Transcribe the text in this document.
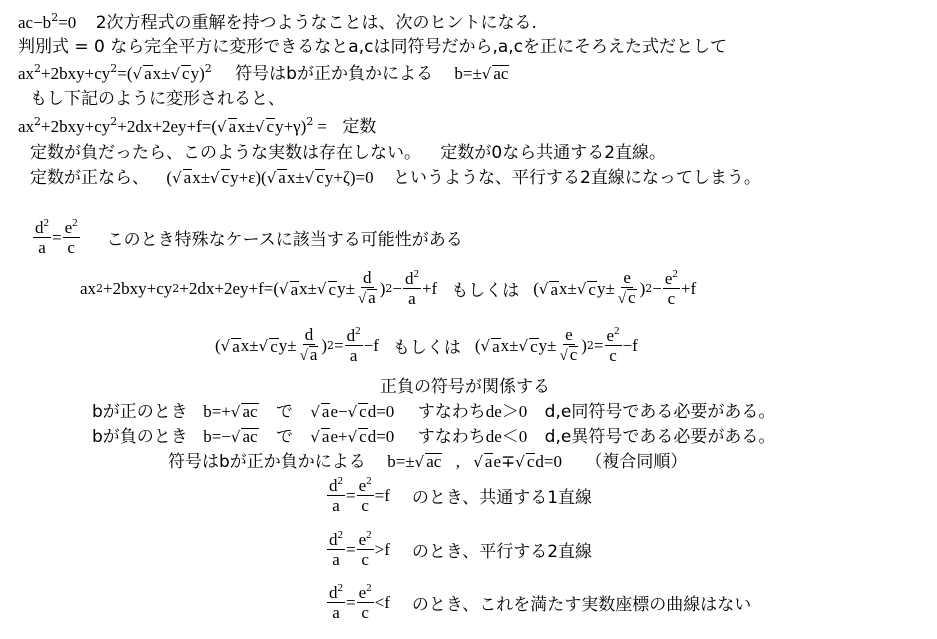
$ac-b^2=0$ 2次方程式の重解を持つようなことは、次のヒントになる.
判別式 = 0 なら完全平方に変形できるなとa,cは同符号だから,a,cを正にそろえた式だとして
$ax^2+2bxy+cy^2=(√$ ax±√ cy)$^2$ 符号はbが正か負かによる b=±√ ac
もし下記のように変形されると、
$ax^2+2bxy+cy^2+2dx+2ey+f=(√$ ax±√ cy+γ)$^2$ = 定数
定数が負だったら、このような実数は存在しない。 定数が0なら共通する2直線。
定数が正なら、 (√ ax±√ cy+ε)(√ ax±√ cy+ζ)=0 というような、平行する2直線になってしまう。
$\frac{d^2}{a} = \frac{e^2}{c}$ このとき特殊なケースに該当する可能性がある
ax 2 +2bxy+cy 2 +2dx+2ey+f=( √ a x± √ c $y\pm \frac{d}{√ a}$ ) $2 - \frac{d^2}{a} +f$ もしくは ( √ a x± √ c $y\pm \frac{e}{√ c}$ ) $2 - \frac{e^2}{c} +f$
( √ a x± √ c $y\pm \frac{d}{√ a}$ ) $2 = \frac{d^2}{a} -f$ もしくは ( √ a x± √ c $y\pm \frac{e}{√ c}$ ) $2 = \frac{e^2}{c} -f$
正負の符号が関係する
bが正のとき b=+√ ac で √ ae−√ cd=0 すなわちde＞0 d,e同符号である必要がある。
bが負のとき b=−√ ac で √ ae+√ cd=0 すなわちde＜0 d,e異符号である必要がある。
符号はbが正か負かによる b=±√ ac , √ ae∓√ cd=0 （複合同順）
$\frac{d^2}{a} = \frac{e^2}{c} =f$ のとき、共通する1直線
$\frac{d^2}{a} = \frac{e^2}{c} >f$ のとき、平行する2直線
$\frac{d^2}{a} = \frac{e^2}{c} <f$ のとき、これを満たす実数座標の曲線はない
